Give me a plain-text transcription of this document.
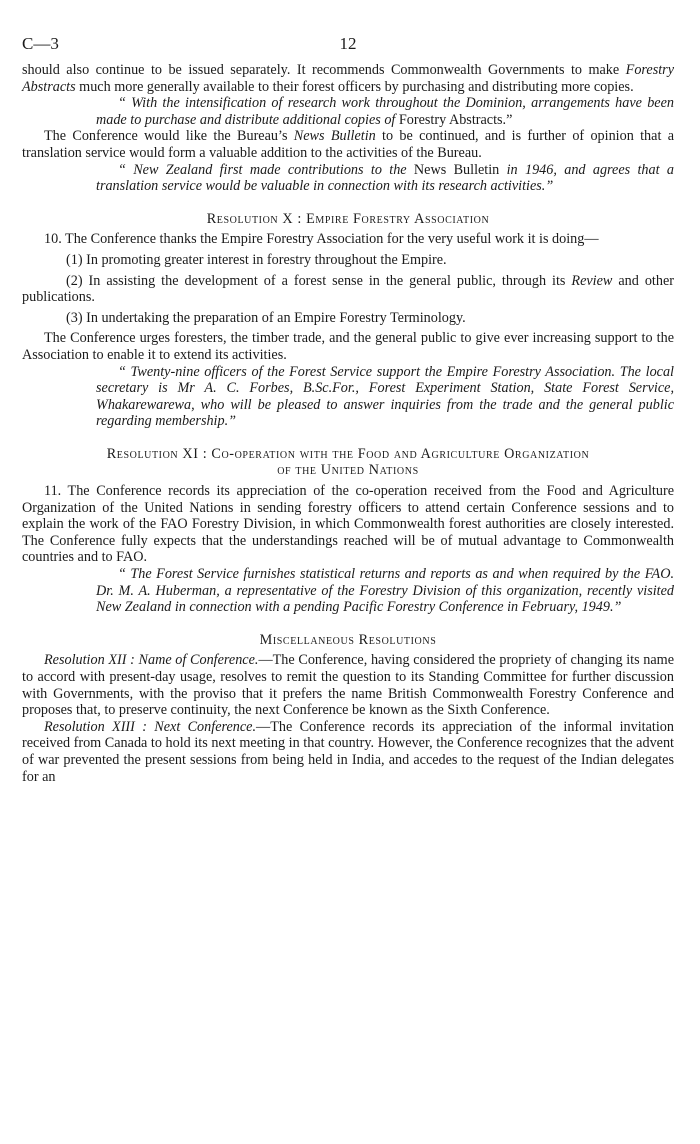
C—3	12

should also continue to be issued separately. It recommends Commonwealth Governments to make Forestry Abstracts much more generally available to their forest officers by purchasing and distributing more copies.

“ With the intensification of research work throughout the Dominion, arrangements have been made to purchase and distribute additional copies of Forestry Abstracts.”

The Conference would like the Bureau’s News Bulletin to be continued, and is further of opinion that a translation service would form a valuable addition to the activities of the Bureau.

“ New Zealand first made contributions to the News Bulletin in 1946, and agrees that a translation service would be valuable in connection with its research activities.”

Resolution X : Empire Forestry Association

10. The Conference thanks the Empire Forestry Association for the very useful work it is doing—

(1) In promoting greater interest in forestry throughout the Empire.

(2) In assisting the development of a forest sense in the general public, through its Review and other publications.

(3) In undertaking the preparation of an Empire Forestry Terminology.

The Conference urges foresters, the timber trade, and the general public to give ever increasing support to the Association to enable it to extend its activities.

“ Twenty-nine officers of the Forest Service support the Empire Forestry Association. The local secretary is Mr A. C. Forbes, B.Sc.For., Forest Experiment Station, State Forest Service, Whakarewarewa, who will be pleased to answer inquiries from the trade and the general public regarding membership.”

Resolution XI : Co-operation with the Food and Agriculture Organization
of the United Nations

11. The Conference records its appreciation of the co-operation received from the Food and Agriculture Organization of the United Nations in sending forestry officers to attend certain Conference sessions and to explain the work of the FAO Forestry Division, in which Commonwealth forest authorities are closely interested. The Conference fully expects that the understandings reached will be of mutual advantage to Commonwealth countries and to FAO.

“ The Forest Service furnishes statistical returns and reports as and when required by the FAO. Dr. M. A. Huberman, a representative of the Forestry Division of this organization, recently visited New Zealand in connection with a pending Pacific Forestry Conference in February, 1949.”

Miscellaneous Resolutions

Resolution XII : Name of Conference.—The Conference, having considered the propriety of changing its name to accord with present-day usage, resolves to remit the question to its Standing Committee for further discussion with Governments, with the proviso that it prefers the name British Commonwealth Forestry Conference and proposes that, to preserve continuity, the next Conference be known as the Sixth Conference.

Resolution XIII : Next Conference.—The Conference records its appreciation of the informal invitation received from Canada to hold its next meeting in that country. However, the Conference recognizes that the advent of war prevented the present sessions from being held in India, and accedes to the request of the Indian delegates for an
